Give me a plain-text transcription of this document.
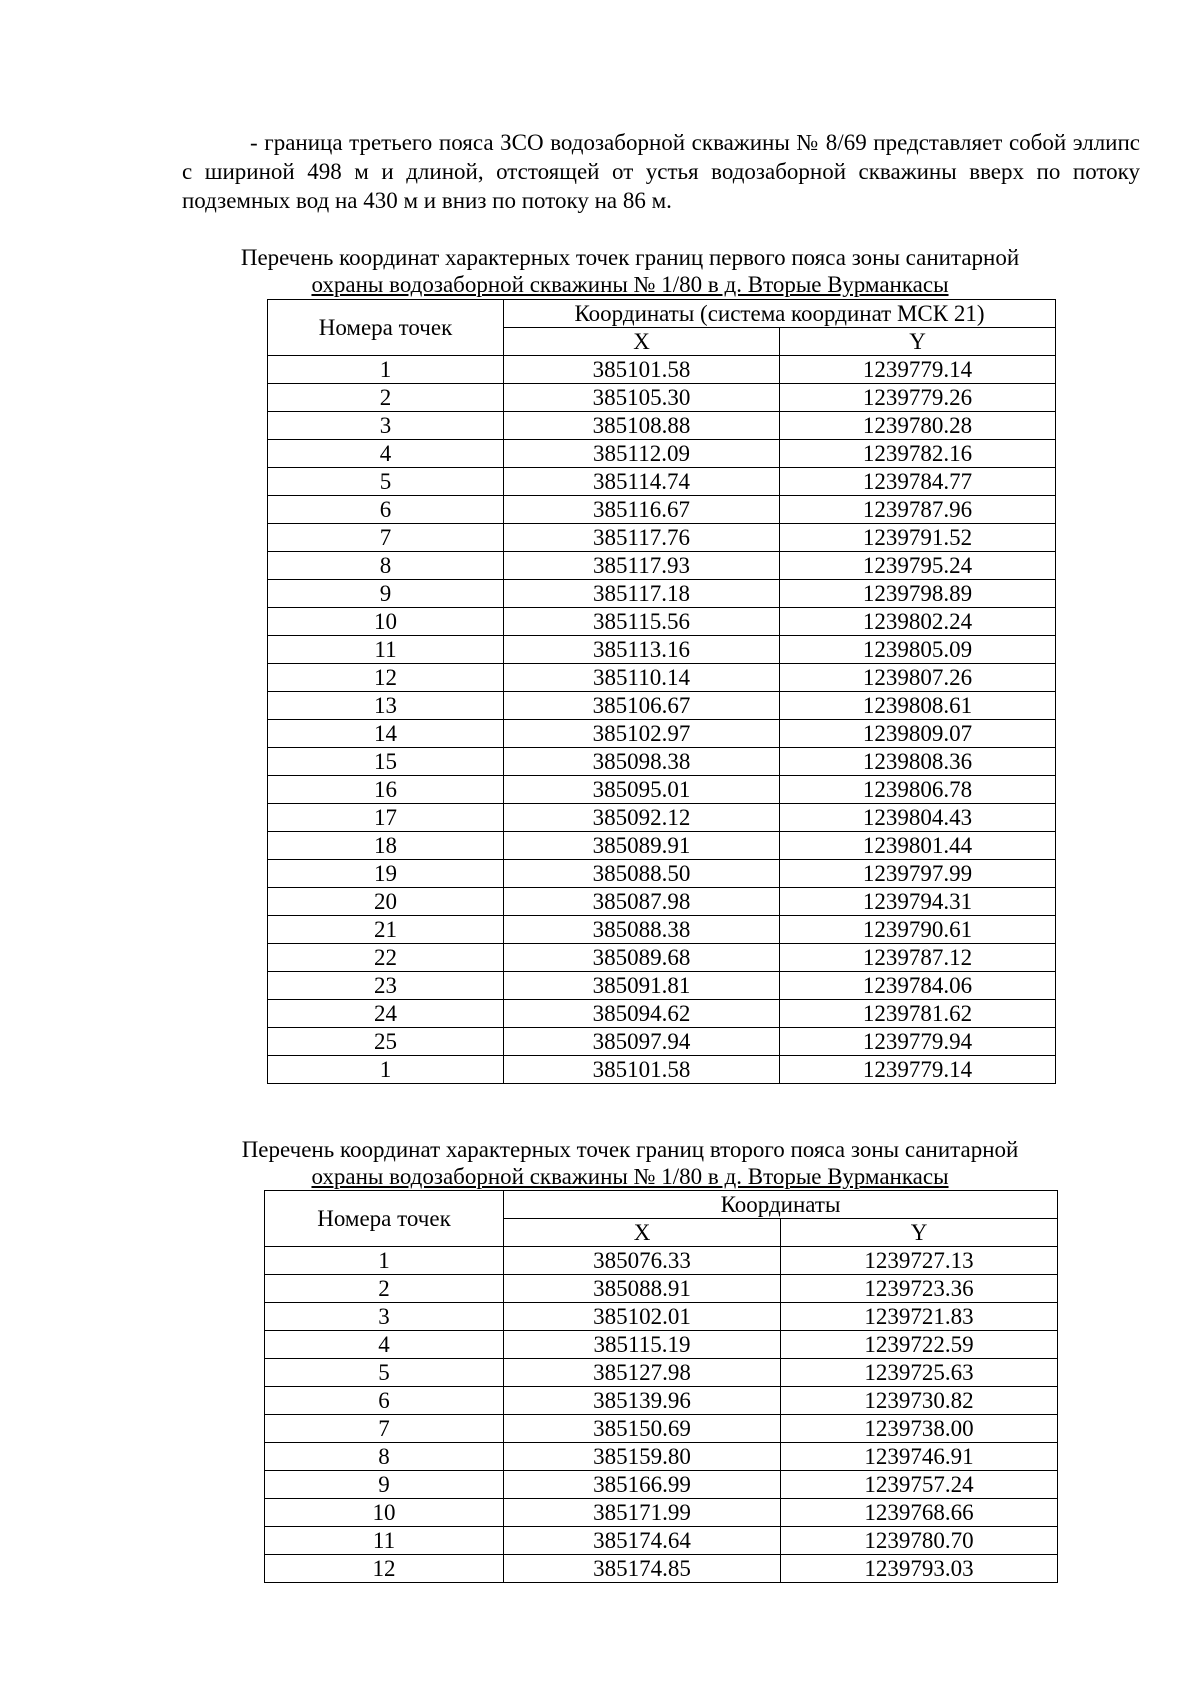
- граница третьего пояса ЗСО водозаборной скважины № 8/69 представляет собой эллипс с шириной 498 м и длиной, отстоящей от устья водозаборной скважины вверх по потоку подземных вод на 430 м и вниз по потоку на 86 м.

Перечень координат характерных точек границ первого пояса зоны санитарной
охраны водозаборной скважины № 1/80 в д. Вторые Вурманкасы
Номера точек	Координаты (система координат МСК 21)	
	X	Y
1	385101.58	1239779.14
2	385105.30	1239779.26
3	385108.88	1239780.28
4	385112.09	1239782.16
5	385114.74	1239784.77
6	385116.67	1239787.96
7	385117.76	1239791.52
8	385117.93	1239795.24
9	385117.18	1239798.89
10	385115.56	1239802.24
11	385113.16	1239805.09
12	385110.14	1239807.26
13	385106.67	1239808.61
14	385102.97	1239809.07
15	385098.38	1239808.36
16	385095.01	1239806.78
17	385092.12	1239804.43
18	385089.91	1239801.44
19	385088.50	1239797.99
20	385087.98	1239794.31
21	385088.38	1239790.61
22	385089.68	1239787.12
23	385091.81	1239784.06
24	385094.62	1239781.62
25	385097.94	1239779.94
1	385101.58	1239779.14
Перечень координат характерных точек границ второго пояса зоны санитарной
охраны водозаборной скважины № 1/80 в д. Вторые Вурманкасы
Номера точек	Координаты	
	X	Y
1	385076.33	1239727.13
2	385088.91	1239723.36
3	385102.01	1239721.83
4	385115.19	1239722.59
5	385127.98	1239725.63
6	385139.96	1239730.82
7	385150.69	1239738.00
8	385159.80	1239746.91
9	385166.99	1239757.24
10	385171.99	1239768.66
11	385174.64	1239780.70
12	385174.85	1239793.03
